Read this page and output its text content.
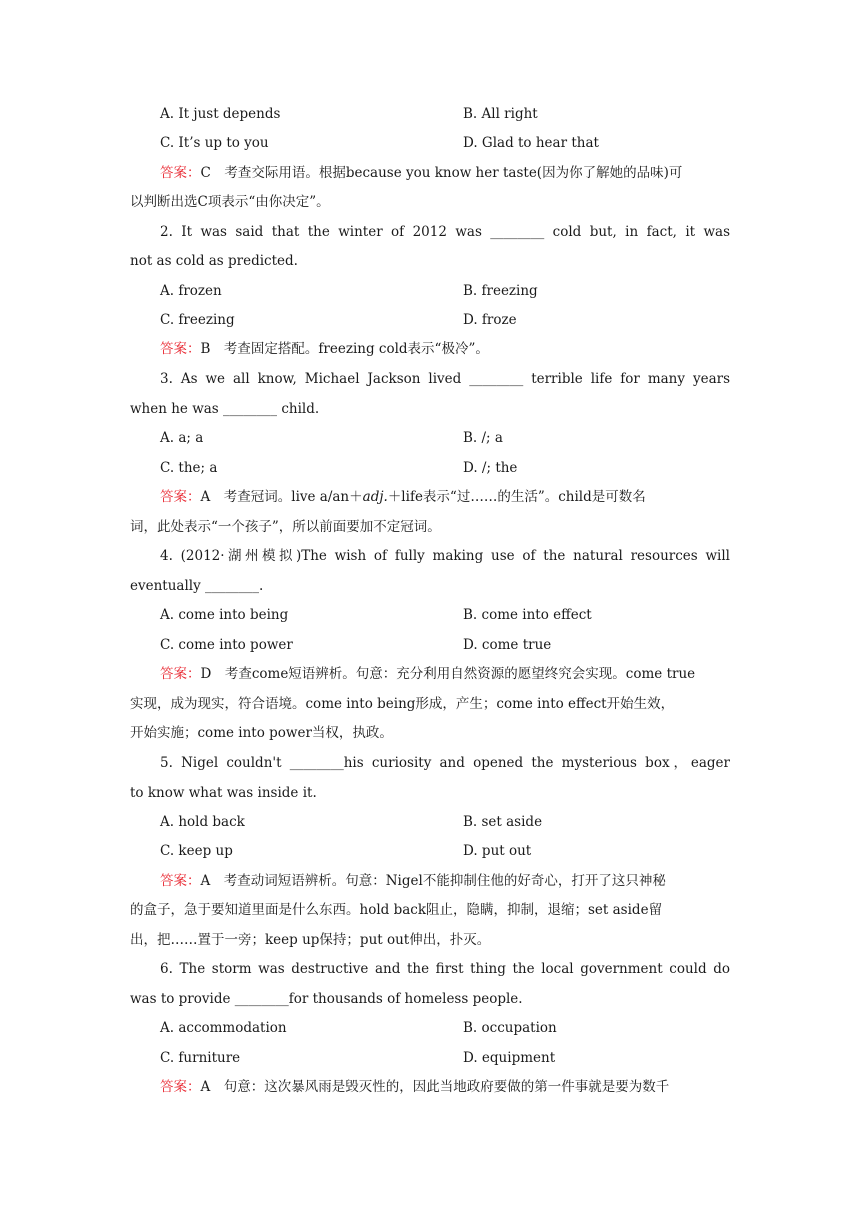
A. It just depends	B. All right
C. It’s up to you	D. Glad to hear that
答案：C　考查交际用语。根据because you know her taste(因为你了解她的品味)可
以判断出选C项表示“由你决定”。
2. It was said that the winter of 2012 was ________ cold but, in fact, it was
not as cold as predicted.
A. frozen	B. freezing
C. freezing	D. froze
答案：B　考查固定搭配。freezing cold表示“极冷”。
3. As we all know, Michael Jackson lived ________ terrible life for many years
when he was ________ child.
A. a; a	B. /; a
C. the; a	D. /; the
答案：A　考查冠词。live a/an＋adj.＋life表示“过……的生活”。child是可数名
词，此处表示“一个孩子”，所以前面要加不定冠词。
4. (2012·湖州模拟)The wish of fully making use of the natural resources will
eventually ________.
A. come into being	B. come into effect
C. come into power	D. come true
答案：D　考查come短语辨析。句意：充分利用自然资源的愿望终究会实现。come true
实现，成为现实，符合语境。come into being形成，产生；come into effect开始生效，
开始实施；come into power当权，执政。
5. Nigel couldn't ________his curiosity and opened the mysterious box，eager
to know what was inside it.
A. hold back	B. set aside
C. keep up	D. put out
答案：A　考查动词短语辨析。句意：Nigel不能抑制住他的好奇心，打开了这只神秘
的盒子，急于要知道里面是什么东西。hold back阻止，隐瞒，抑制，退缩；set aside留
出，把……置于一旁；keep up保持；put out伸出，扑灭。
6. The storm was destructive and the first thing the local government could do
was to provide ________for thousands of homeless people.
A. accommodation	B. occupation
C. furniture	D. equipment
答案：A　句意：这次暴风雨是毁灭性的，因此当地政府要做的第一件事就是要为数千
